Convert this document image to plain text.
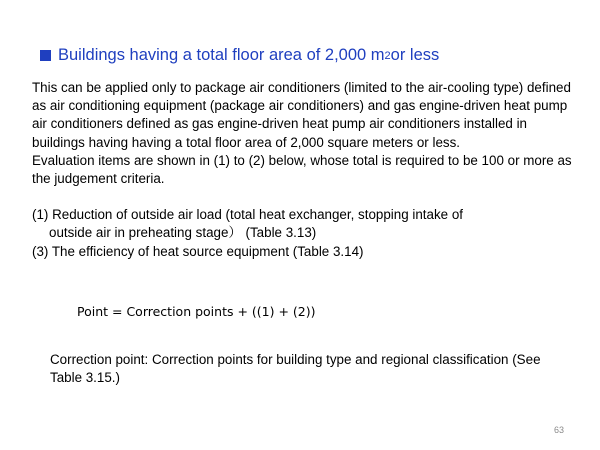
Buildings having a total floor area of 2,000 m 2 or less

This can be applied only to package air conditioners (limited to the air-cooling type) defined as air conditioning equipment (package air conditioners) and gas engine-driven heat pump air conditioners defined as gas engine-driven heat pump air conditioners installed in buildings having having a total floor area of 2,000 square meters or less.

Evaluation items are shown in (1) to (2) below, whose total is required to be 100 or more as the judgement criteria.

(1) Reduction of outside air load (total heat exchanger, stopping intake of

outside air in preheating stage） (Table 3.13)

(3) The efficiency of heat source equipment (Table 3.14)

Point = Correction points + ((1) + (2))
Correction point: Correction points for building type and regional classification (See Table 3.15.)
63
